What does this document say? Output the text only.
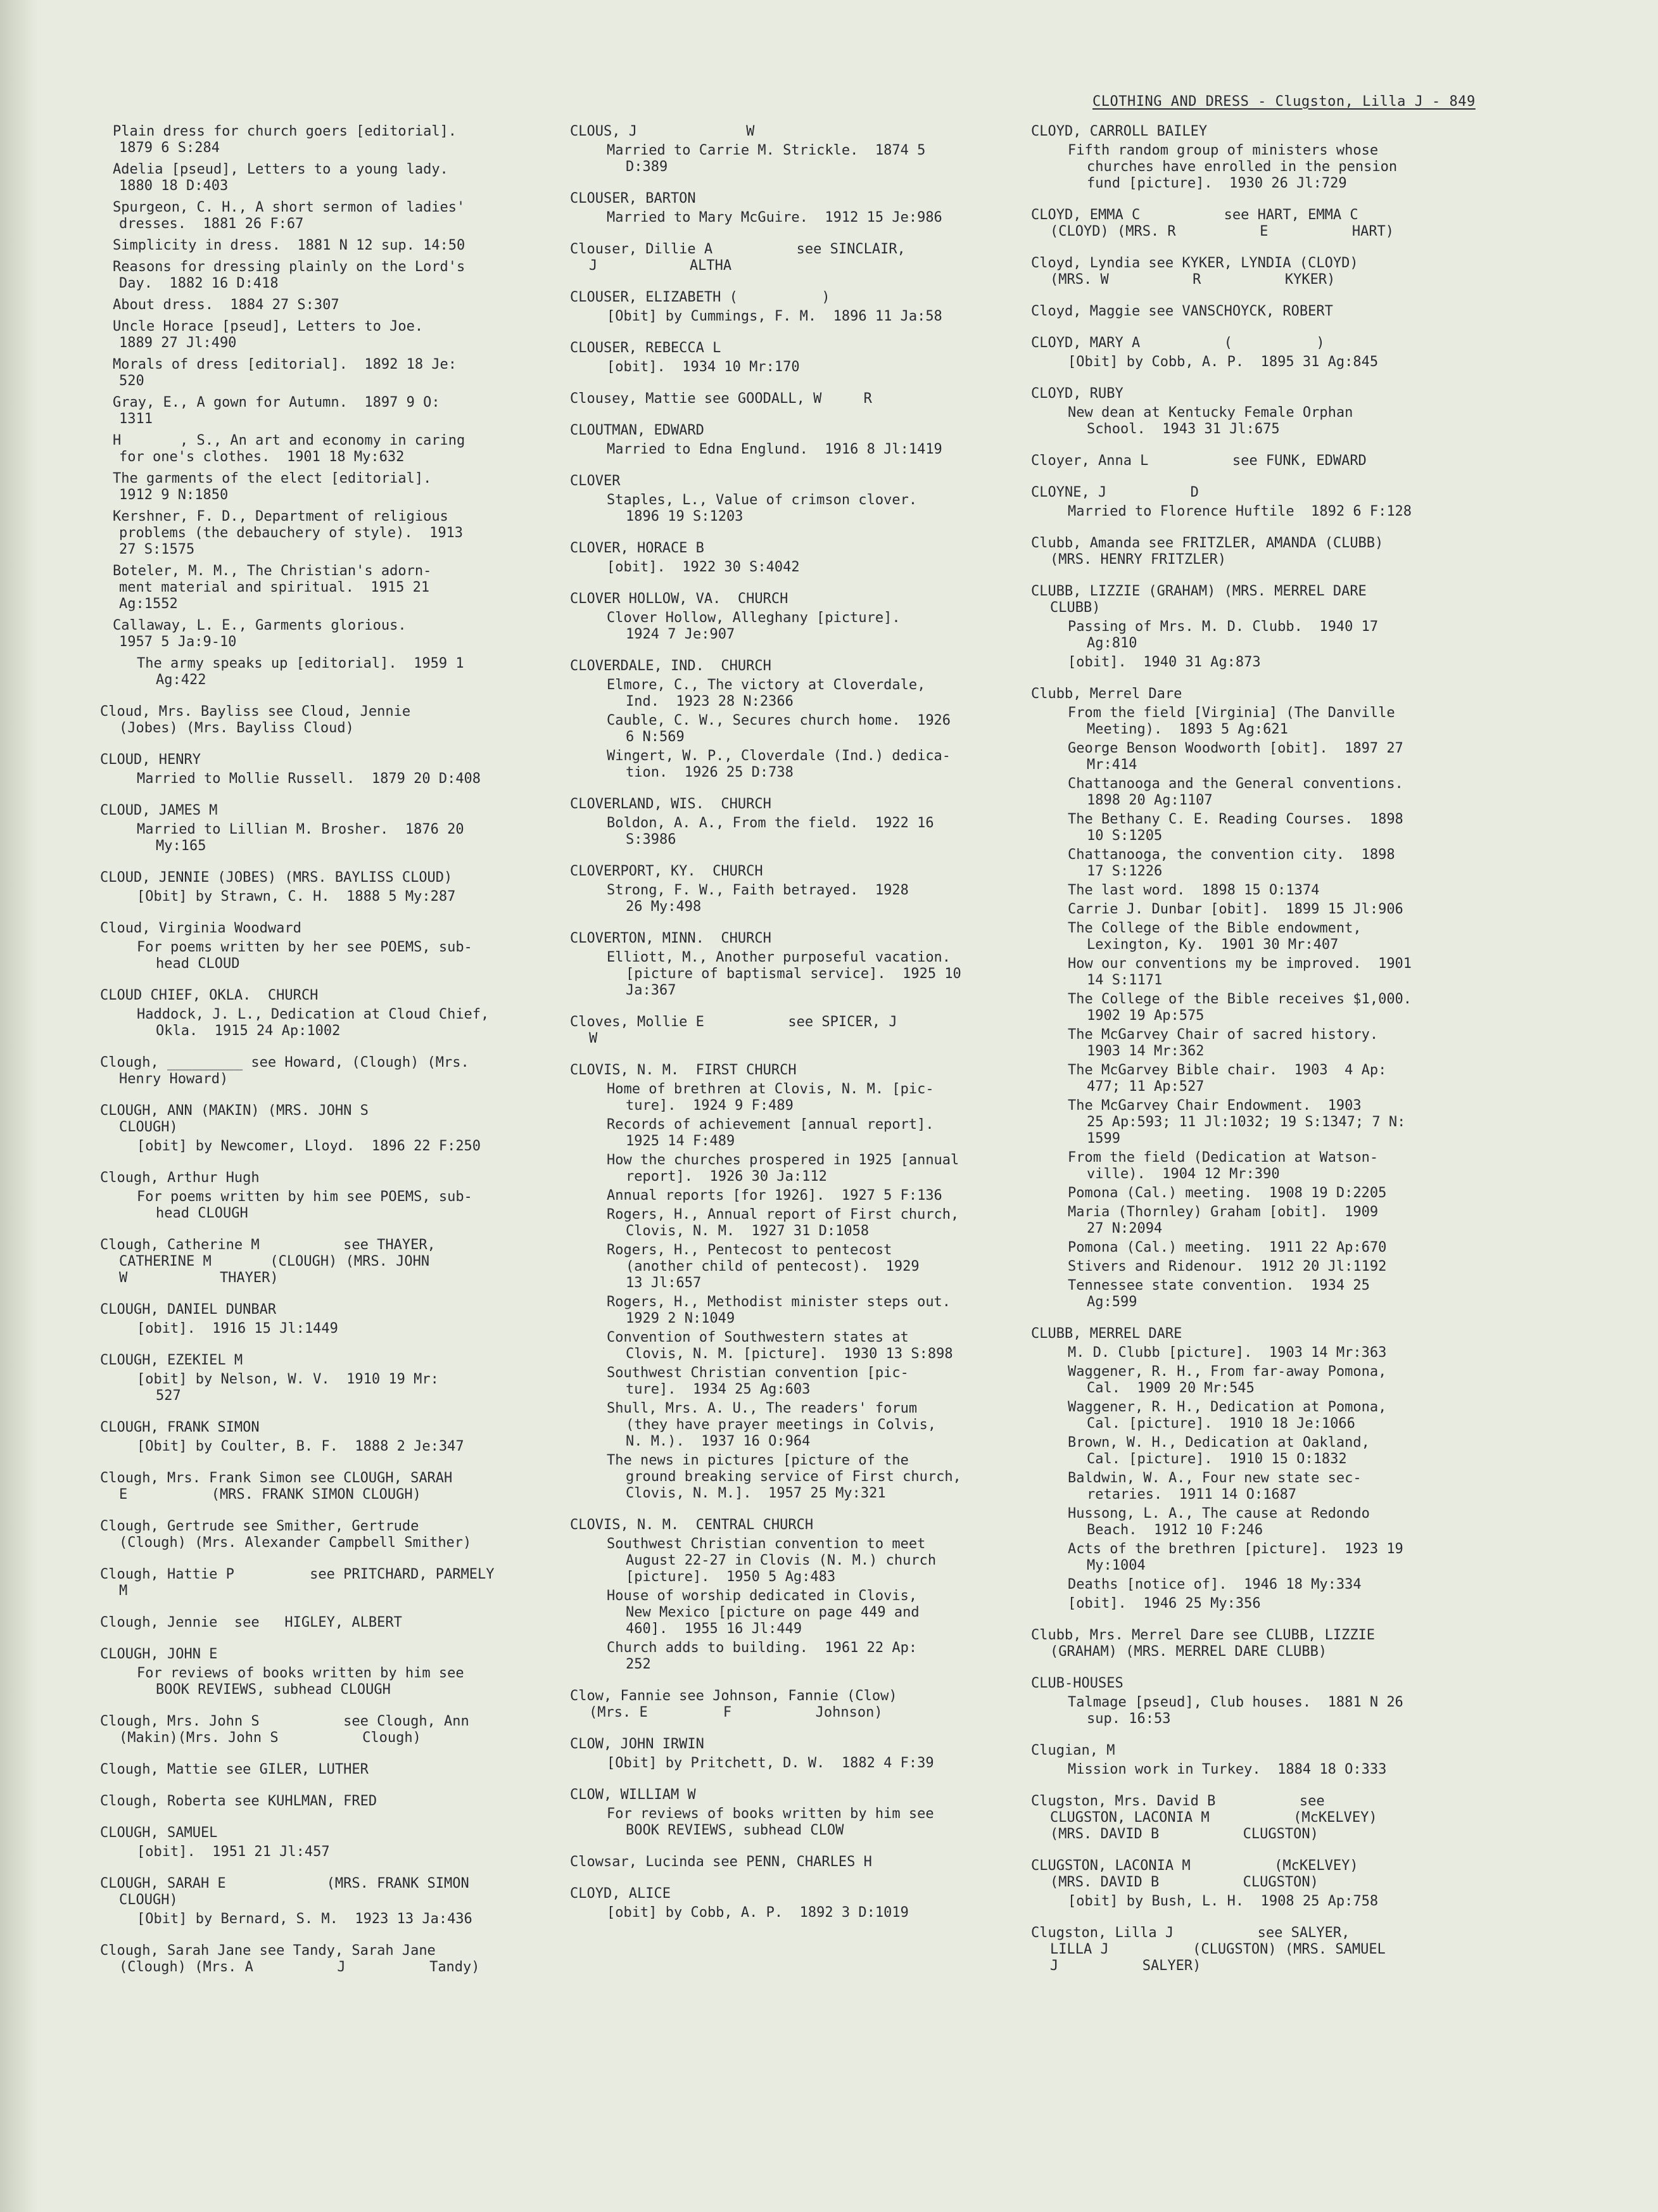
CLOTHING AND DRESS - Clugston, Lilla J - 849
Plain dress for church goers [editorial].
1879 6 S:284
Adelia [pseud], Letters to a young lady.
1880 18 D:403
Spurgeon, C. H., A short sermon of ladies'
dresses.  1881 26 F:67
Simplicity in dress.  1881 N 12 sup. 14:50
Reasons for dressing plainly on the Lord's
Day.  1882 16 D:418
About dress.  1884 27 S:307
Uncle Horace [pseud], Letters to Joe.
1889 27 Jl:490
Morals of dress [editorial].  1892 18 Je:
520
Gray, E., A gown for Autumn.  1897 9 O:
1311
H       , S., An art and economy in caring
for one's clothes.  1901 18 My:632
The garments of the elect [editorial].
1912 9 N:1850
Kershner, F. D., Department of religious
problems (the debauchery of style).  1913
27 S:1575
Boteler, M. M., The Christian's adorn-
ment material and spiritual.  1915 21
Ag:1552
Callaway, L. E., Garments glorious.
1957 5 Ja:9-10
The army speaks up [editorial].  1959 1
Ag:422
Cloud, Mrs. Bayliss see Cloud, Jennie
(Jobes) (Mrs. Bayliss Cloud)
CLOUD, HENRY
Married to Mollie Russell.  1879 20 D:408
CLOUD, JAMES M
Married to Lillian M. Brosher.  1876 20
My:165
CLOUD, JENNIE (JOBES) (MRS. BAYLISS CLOUD)
[Obit] by Strawn, C. H.  1888 5 My:287
Cloud, Virginia Woodward
For poems written by her see POEMS, sub-
head CLOUD
CLOUD CHIEF, OKLA.  CHURCH
Haddock, J. L., Dedication at Cloud Chief,
Okla.  1915 24 Ap:1002
Clough, _________ see Howard, (Clough) (Mrs.
Henry Howard)
CLOUGH, ANN (MAKIN) (MRS. JOHN S
CLOUGH)
[obit] by Newcomer, Lloyd.  1896 22 F:250
Clough, Arthur Hugh
For poems written by him see POEMS, sub-
head CLOUGH
Clough, Catherine M          see THAYER,
CATHERINE M       (CLOUGH) (MRS. JOHN
W           THAYER)
CLOUGH, DANIEL DUNBAR
[obit].  1916 15 Jl:1449
CLOUGH, EZEKIEL M
[obit] by Nelson, W. V.  1910 19 Mr:
527
CLOUGH, FRANK SIMON
[Obit] by Coulter, B. F.  1888 2 Je:347
Clough, Mrs. Frank Simon see CLOUGH, SARAH
E          (MRS. FRANK SIMON CLOUGH)
Clough, Gertrude see Smither, Gertrude
(Clough) (Mrs. Alexander Campbell Smither)
Clough, Hattie P         see PRITCHARD, PARMELY
M
Clough, Jennie  see   HIGLEY, ALBERT
CLOUGH, JOHN E
For reviews of books written by him see
BOOK REVIEWS, subhead CLOUGH
Clough, Mrs. John S          see Clough, Ann
(Makin)(Mrs. John S          Clough)
Clough, Mattie see GILER, LUTHER
Clough, Roberta see KUHLMAN, FRED
CLOUGH, SAMUEL
[obit].  1951 21 Jl:457
CLOUGH, SARAH E            (MRS. FRANK SIMON
CLOUGH)
[Obit] by Bernard, S. M.  1923 13 Ja:436
Clough, Sarah Jane see Tandy, Sarah Jane
(Clough) (Mrs. A          J          Tandy)
CLOUS, J             W
Married to Carrie M. Strickle.  1874 5
D:389
CLOUSER, BARTON
Married to Mary McGuire.  1912 15 Je:986
Clouser, Dillie A          see SINCLAIR,
J           ALTHA
CLOUSER, ELIZABETH (          )
[Obit] by Cummings, F. M.  1896 11 Ja:58
CLOUSER, REBECCA L
[obit].  1934 10 Mr:170
Clousey, Mattie see GOODALL, W     R
CLOUTMAN, EDWARD
Married to Edna Englund.  1916 8 Jl:1419
CLOVER
Staples, L., Value of crimson clover.
1896 19 S:1203
CLOVER, HORACE B
[obit].  1922 30 S:4042
CLOVER HOLLOW, VA.  CHURCH
Clover Hollow, Alleghany [picture].
1924 7 Je:907
CLOVERDALE, IND.  CHURCH
Elmore, C., The victory at Cloverdale,
Ind.  1923 28 N:2366
Cauble, C. W., Secures church home.  1926
6 N:569
Wingert, W. P., Cloverdale (Ind.) dedica-
tion.  1926 25 D:738
CLOVERLAND, WIS.  CHURCH
Boldon, A. A., From the field.  1922 16
S:3986
CLOVERPORT, KY.  CHURCH
Strong, F. W., Faith betrayed.  1928
26 My:498
CLOVERTON, MINN.  CHURCH
Elliott, M., Another purposeful vacation.
[picture of baptismal service].  1925 10
Ja:367
Cloves, Mollie E          see SPICER, J
W
CLOVIS, N. M.  FIRST CHURCH
Home of brethren at Clovis, N. M. [pic-
ture].  1924 9 F:489
Records of achievement [annual report].
1925 14 F:489
How the churches prospered in 1925 [annual
report].  1926 30 Ja:112
Annual reports [for 1926].  1927 5 F:136
Rogers, H., Annual report of First church,
Clovis, N. M.  1927 31 D:1058
Rogers, H., Pentecost to pentecost
(another child of pentecost).  1929
13 Jl:657
Rogers, H., Methodist minister steps out.
1929 2 N:1049
Convention of Southwestern states at
Clovis, N. M. [picture].  1930 13 S:898
Southwest Christian convention [pic-
ture].  1934 25 Ag:603
Shull, Mrs. A. U., The readers' forum
(they have prayer meetings in Colvis,
N. M.).  1937 16 O:964
The news in pictures [picture of the
ground breaking service of First church,
Clovis, N. M.].  1957 25 My:321
CLOVIS, N. M.  CENTRAL CHURCH
Southwest Christian convention to meet
August 22-27 in Clovis (N. M.) church
[picture].  1950 5 Ag:483
House of worship dedicated in Clovis,
New Mexico [picture on page 449 and
460].  1955 16 Jl:449
Church adds to building.  1961 22 Ap:
252
Clow, Fannie see Johnson, Fannie (Clow)
(Mrs. E         F          Johnson)
CLOW, JOHN IRWIN
[Obit] by Pritchett, D. W.  1882 4 F:39
CLOW, WILLIAM W
For reviews of books written by him see
BOOK REVIEWS, subhead CLOW
Clowsar, Lucinda see PENN, CHARLES H
CLOYD, ALICE
[obit] by Cobb, A. P.  1892 3 D:1019
CLOYD, CARROLL BAILEY
Fifth random group of ministers whose
churches have enrolled in the pension
fund [picture].  1930 26 Jl:729
CLOYD, EMMA C          see HART, EMMA C
(CLOYD) (MRS. R          E          HART)
Cloyd, Lyndia see KYKER, LYNDIA (CLOYD)
(MRS. W          R          KYKER)
Cloyd, Maggie see VANSCHOYCK, ROBERT
CLOYD, MARY A          (          )
[Obit] by Cobb, A. P.  1895 31 Ag:845
CLOYD, RUBY
New dean at Kentucky Female Orphan
School.  1943 31 Jl:675
Cloyer, Anna L          see FUNK, EDWARD
CLOYNE, J          D
Married to Florence Huftile  1892 6 F:128
Clubb, Amanda see FRITZLER, AMANDA (CLUBB)
(MRS. HENRY FRITZLER)
CLUBB, LIZZIE (GRAHAM) (MRS. MERREL DARE
CLUBB)
Passing of Mrs. M. D. Clubb.  1940 17
Ag:810
[obit].  1940 31 Ag:873
Clubb, Merrel Dare
From the field [Virginia] (The Danville
Meeting).  1893 5 Ag:621
George Benson Woodworth [obit].  1897 27
Mr:414
Chattanooga and the General conventions.
1898 20 Ag:1107
The Bethany C. E. Reading Courses.  1898
10 S:1205
Chattanooga, the convention city.  1898
17 S:1226
The last word.  1898 15 O:1374
Carrie J. Dunbar [obit].  1899 15 Jl:906
The College of the Bible endowment,
Lexington, Ky.  1901 30 Mr:407
How our conventions my be improved.  1901
14 S:1171
The College of the Bible receives $1,000.
1902 19 Ap:575
The McGarvey Chair of sacred history.
1903 14 Mr:362
The McGarvey Bible chair.  1903  4 Ap:
477; 11 Ap:527
The McGarvey Chair Endowment.  1903
25 Ap:593; 11 Jl:1032; 19 S:1347; 7 N:
1599
From the field (Dedication at Watson-
ville).  1904 12 Mr:390
Pomona (Cal.) meeting.  1908 19 D:2205
Maria (Thornley) Graham [obit].  1909
27 N:2094
Pomona (Cal.) meeting.  1911 22 Ap:670
Stivers and Ridenour.  1912 20 Jl:1192
Tennessee state convention.  1934 25
Ag:599
CLUBB, MERREL DARE
M. D. Clubb [picture].  1903 14 Mr:363
Waggener, R. H., From far-away Pomona,
Cal.  1909 20 Mr:545
Waggener, R. H., Dedication at Pomona,
Cal. [picture].  1910 18 Je:1066
Brown, W. H., Dedication at Oakland,
Cal. [picture].  1910 15 O:1832
Baldwin, W. A., Four new state sec-
retaries.  1911 14 O:1687
Hussong, L. A., The cause at Redondo
Beach.  1912 10 F:246
Acts of the brethren [picture].  1923 19
My:1004
Deaths [notice of].  1946 18 My:334
[obit].  1946 25 My:356
Clubb, Mrs. Merrel Dare see CLUBB, LIZZIE
(GRAHAM) (MRS. MERREL DARE CLUBB)
CLUB-HOUSES
Talmage [pseud], Club houses.  1881 N 26
sup. 16:53
Clugian, M
Mission work in Turkey.  1884 18 O:333
Clugston, Mrs. David B          see
CLUGSTON, LACONIA M          (McKELVEY)
(MRS. DAVID B          CLUGSTON)
CLUGSTON, LACONIA M          (McKELVEY)
(MRS. DAVID B          CLUGSTON)
[obit] by Bush, L. H.  1908 25 Ap:758
Clugston, Lilla J          see SALYER,
LILLA J          (CLUGSTON) (MRS. SAMUEL
J          SALYER)
